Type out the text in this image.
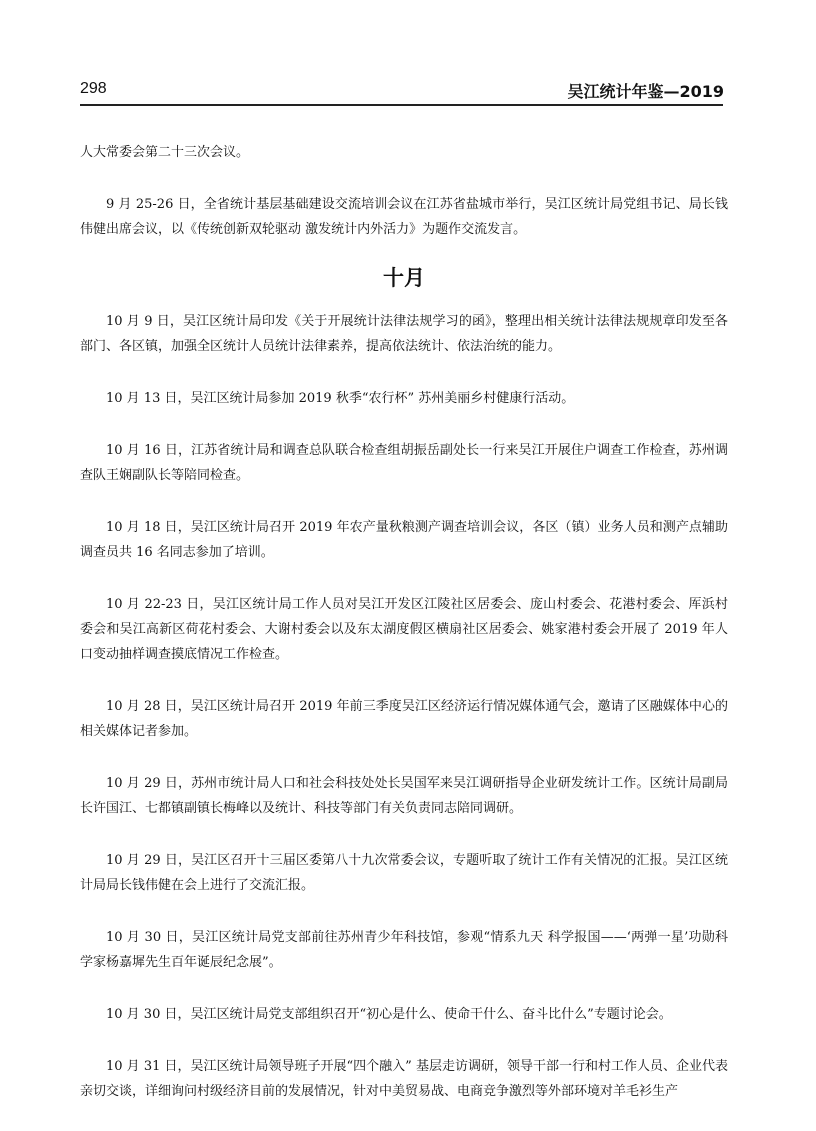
298	吴江统计年鉴—2019

人大常委会第二十三次会议。

9 月 25-26 日，全省统计基层基础建设交流培训会议在江苏省盐城市举行，吴江区统计局党组书记、局长钱伟健出席会议，以《传统创新双轮驱动 激发统计内外活力》为题作交流发言。

十月

10 月 9 日，吴江区统计局印发《关于开展统计法律法规学习的函》，整理出相关统计法律法规规章印发至各部门、各区镇，加强全区统计人员统计法律素养，提高依法统计、依法治统的能力。

10 月 13 日，吴江区统计局参加 2019 秋季“农行杯” 苏州美丽乡村健康行活动。

10 月 16 日，江苏省统计局和调查总队联合检查组胡振岳副处长一行来吴江开展住户调查工作检查，苏州调查队王娴副队长等陪同检查。

10 月 18 日，吴江区统计局召开 2019 年农产量秋粮测产调查培训会议，各区（镇）业务人员和测产点辅助调查员共 16 名同志参加了培训。

10 月 22-23 日，吴江区统计局工作人员对吴江开发区江陵社区居委会、庞山村委会、花港村委会、厍浜村委会和吴江高新区荷花村委会、大谢村委会以及东太湖度假区横扇社区居委会、姚家港村委会开展了 2019 年人口变动抽样调查摸底情况工作检查。

10 月 28 日，吴江区统计局召开 2019 年前三季度吴江区经济运行情况媒体通气会，邀请了区融媒体中心的相关媒体记者参加。

10 月 29 日，苏州市统计局人口和社会科技处处长吴国军来吴江调研指导企业研发统计工作。区统计局副局长许国江、七都镇副镇长梅峰以及统计、科技等部门有关负责同志陪同调研。

10 月 29 日，吴江区召开十三届区委第八十九次常委会议，专题听取了统计工作有关情况的汇报。吴江区统计局局长钱伟健在会上进行了交流汇报。

10 月 30 日，吴江区统计局党支部前往苏州青少年科技馆，参观“情系九天 科学报国——‘两弹一星’功勋科学家杨嘉墀先生百年诞辰纪念展”。

10 月 30 日，吴江区统计局党支部组织召开“初心是什么、使命干什么、奋斗比什么”专题讨论会。

10 月 31 日，吴江区统计局领导班子开展“四个融入” 基层走访调研，领导干部一行和村工作人员、企业代表亲切交谈，详细询问村级经济目前的发展情况，针对中美贸易战、电商竞争激烈等外部环境对羊毛衫生产
